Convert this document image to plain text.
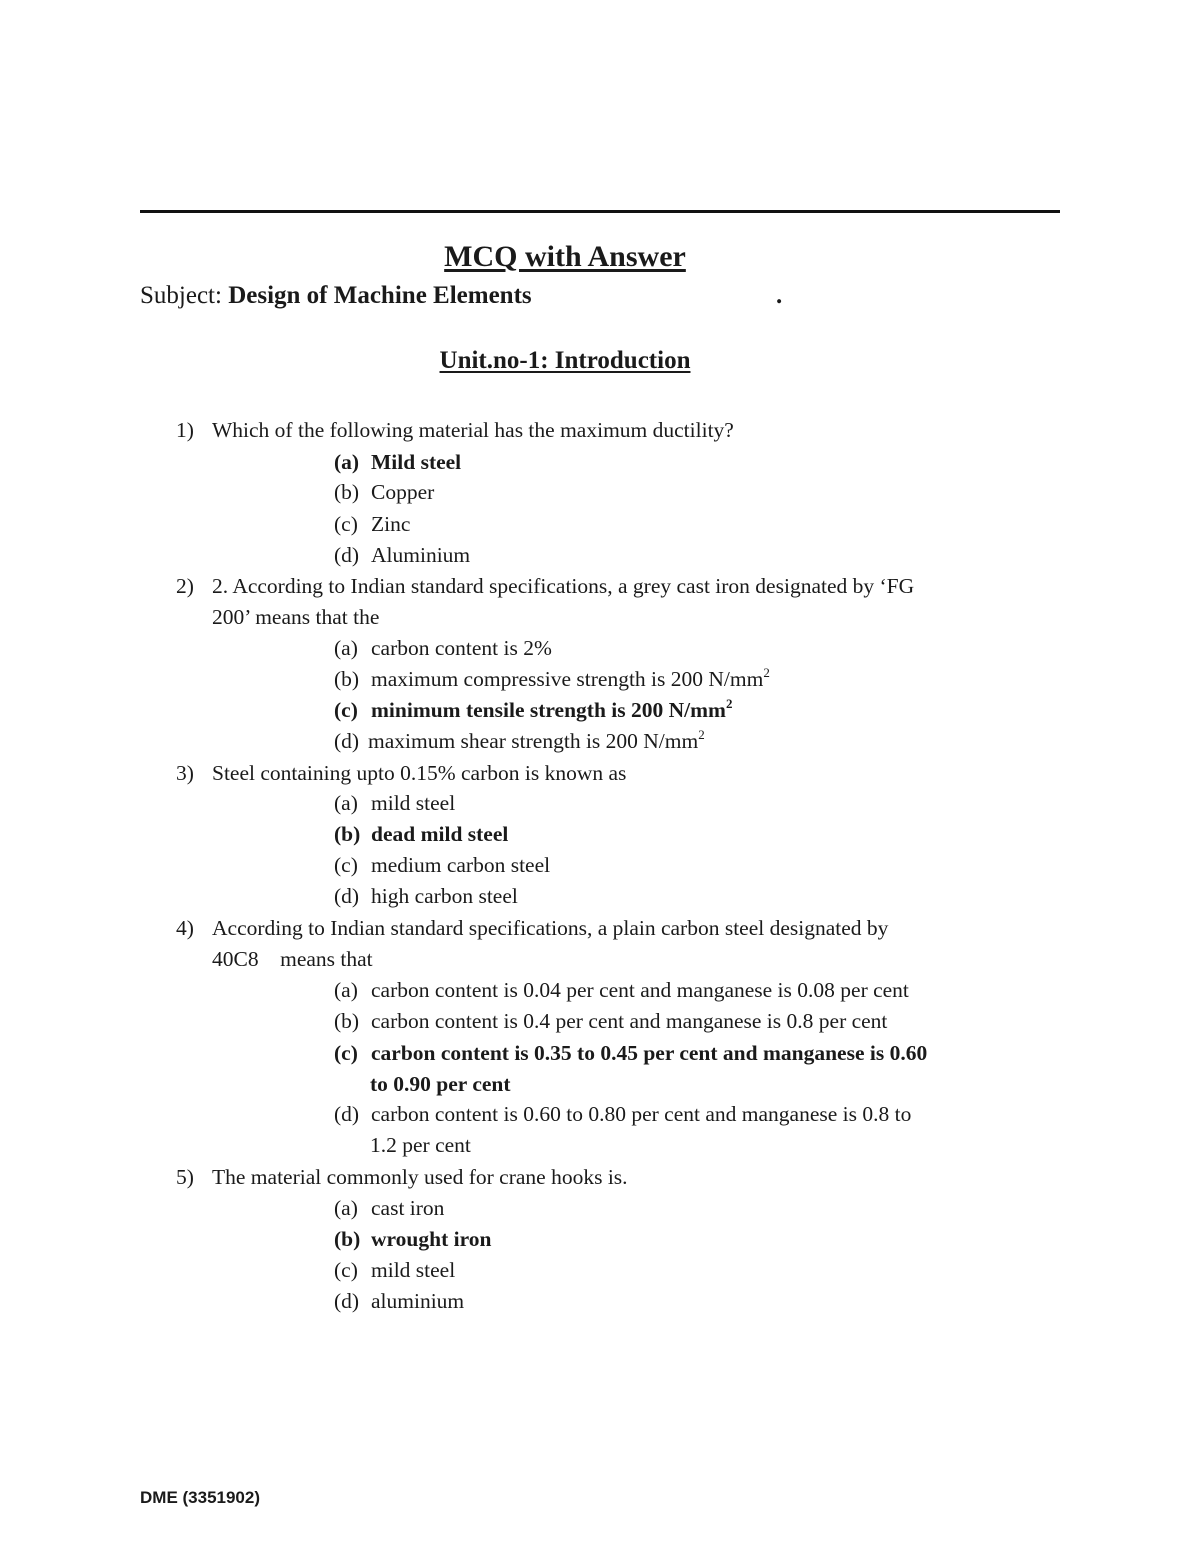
MCQ with Answer
Subject: Design of Machine Elements	.
Unit.no-1: Introduction
1) Which of the following material has the maximum ductility?
(a) Mild steel
(b) Copper
(c) Zinc
(d) Aluminium
2) 2. According to Indian standard specifications, a grey cast iron designated by ‘FG
200’ means that the
(a) carbon content is 2%
(b) maximum compressive strength is 200 $N/mm^2$
(c) minimum tensile strength is 200 $N/mm^2$
(d) maximum shear strength is 200 $N/mm^2$
3) Steel containing upto 0.15% carbon is known as
(a) mild steel
(b) dead mild steel
(c) medium carbon steel
(d) high carbon steel
4) According to Indian standard specifications, a plain carbon steel designated by
40C8    means that
(a) carbon content is 0.04 per cent and manganese is 0.08 per cent
(b) carbon content is 0.4 per cent and manganese is 0.8 per cent
(c) carbon content is 0.35 to 0.45 per cent and manganese is 0.60
to 0.90 per cent
(d) carbon content is 0.60 to 0.80 per cent and manganese is 0.8 to
1.2 per cent
5) The material commonly used for crane hooks is.
(a) cast iron
(b) wrought iron
(c) mild steel
(d) aluminium
DME (3351902)
